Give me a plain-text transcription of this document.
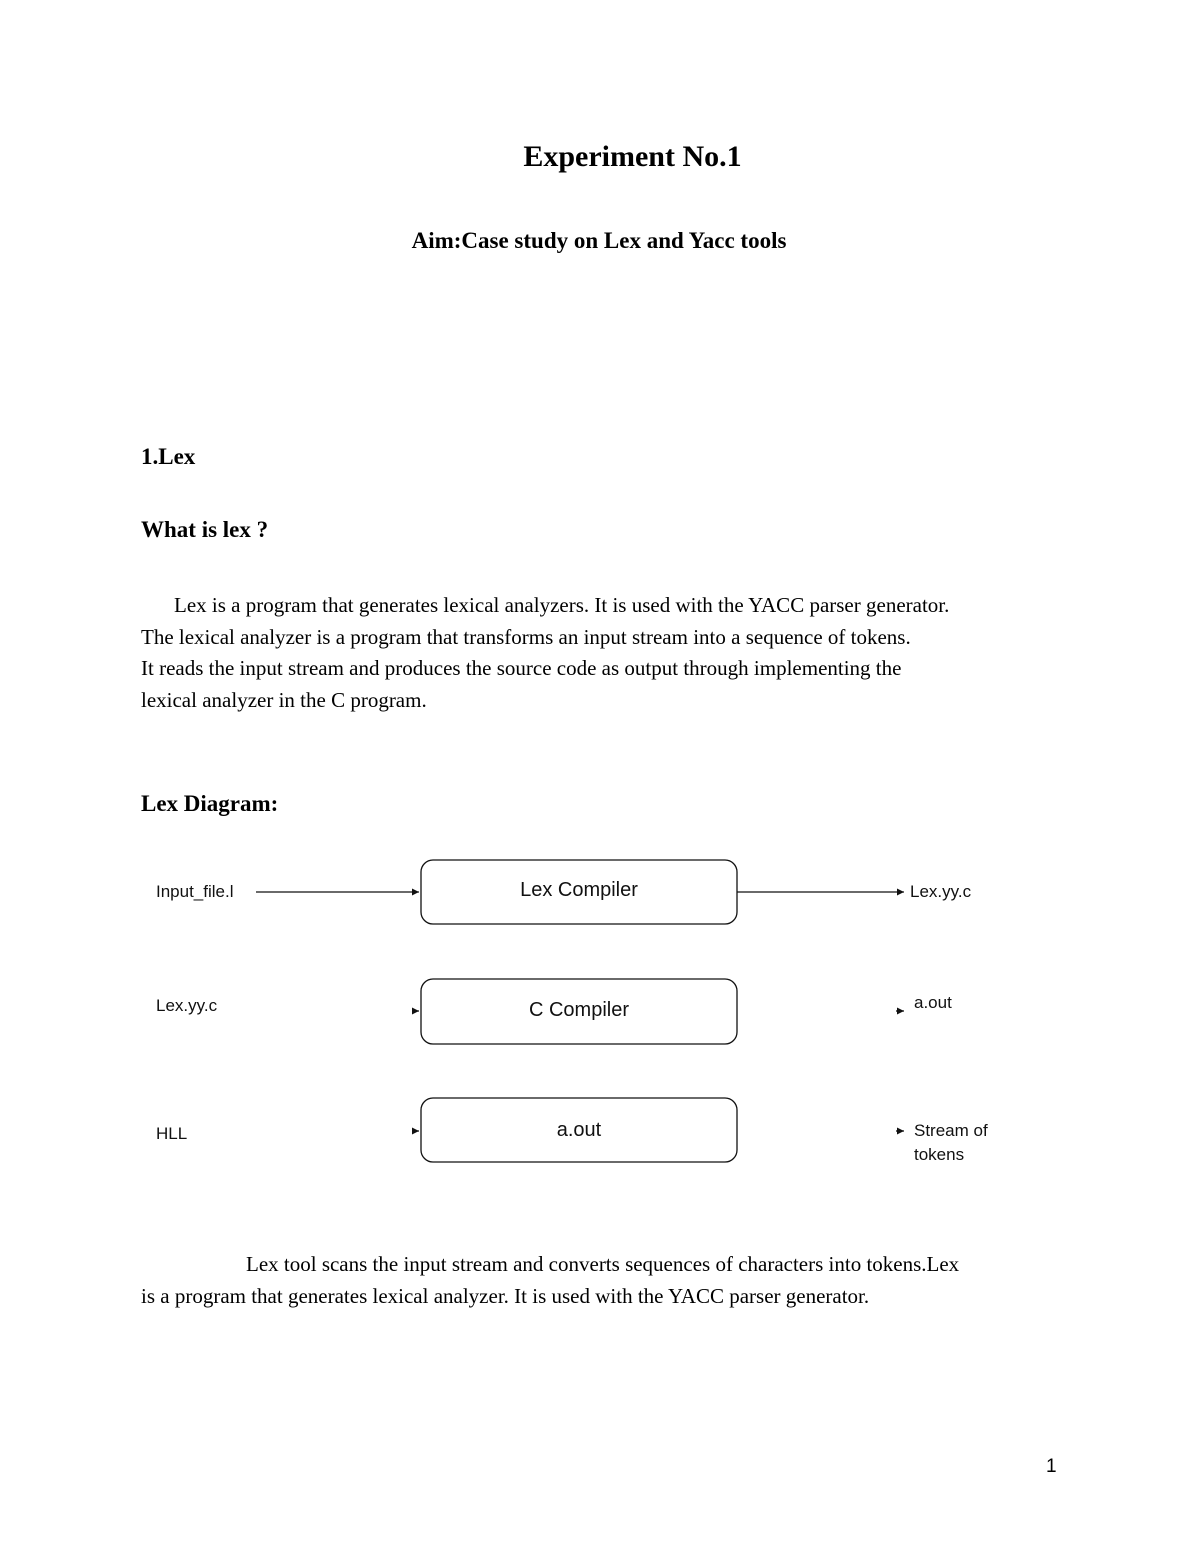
Experiment No.1
Aim:Case study on Lex and Yacc tools
1.Lex
What is lex ?
Lex is a program that generates lexical analyzers. It is used with the YACC parser generator.
The lexical analyzer is a program that transforms an input stream into a sequence of tokens.
It reads the input stream and produces the source code as output through implementing the
lexical analyzer in the C program.
Lex Diagram:
Input_file.l	Lex Compiler	Lex.yy.c
Lex.yy.c	C Compiler	a.out
HLL	a.out	Stream of
tokens
Lex tool scans the input stream and converts sequences of characters into tokens.Lex
is a program that generates lexical analyzer. It is used with the YACC parser generator.
1
